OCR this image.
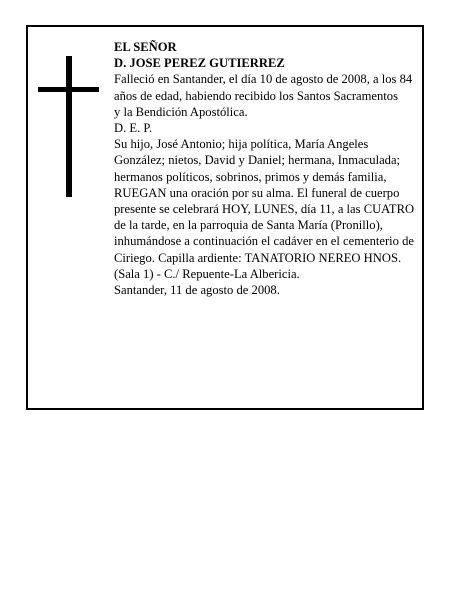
EL SEÑOR

D. JOSE PEREZ GUTIERREZ

Falleció en Santander, el día 10 de agosto de 2008, a los 84 años de edad, habiendo recibido los Santos Sacramentos

y la Bendición Apostólica.

D. E. P.

Su hijo, José Antonio; hija política, María Angeles González; nietos, David y Daniel; hermana, Inmaculada; hermanos políticos, sobrinos, primos y demás familia,

RUEGAN una oración por su alma. El funeral de cuerpo presente se celebrará HOY, LUNES, día 11, a las CUATRO de la tarde, en la parroquia de Santa María (Pronillo), inhumándose a continuación el cadáver en el cementerio de Ciriego. Capilla ardiente: TANATORIO NEREO HNOS. (Sala 1) - C./ Repuente-La Albericia.

Santander, 11 de agosto de 2008.
